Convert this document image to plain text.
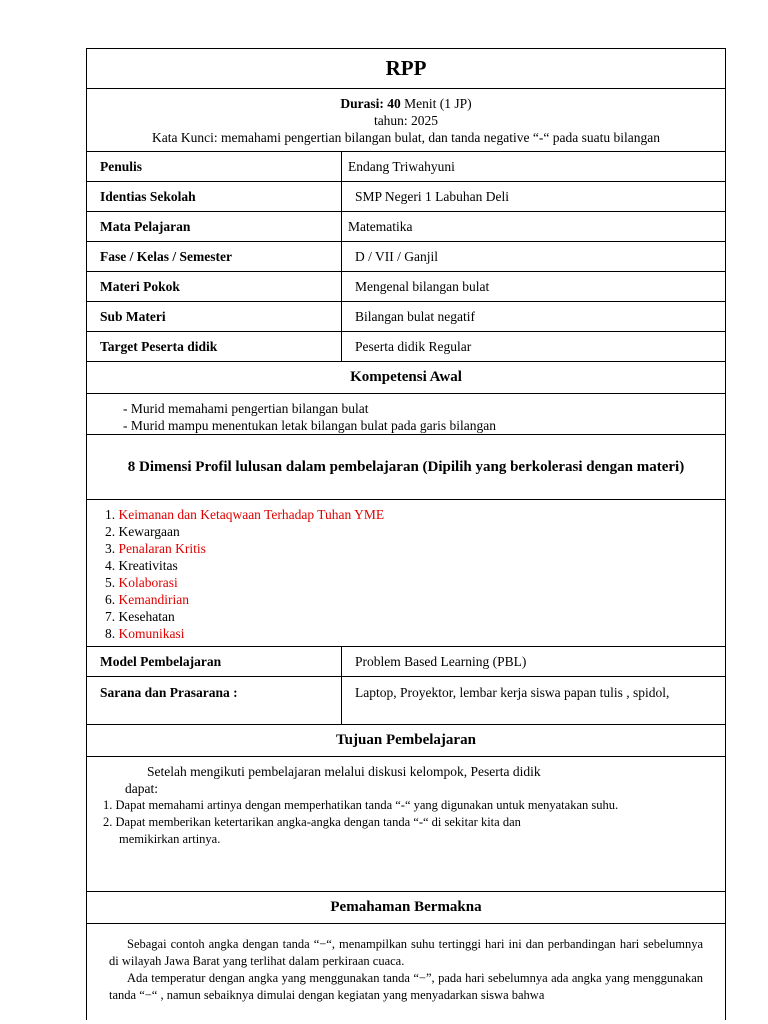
RPP
Durasi: 40 Menit (1 JP)
tahun: 2025
Kata Kunci: memahami pengertian bilangan bulat, dan tanda negative “-“ pada suatu bilangan
Penulis	Endang Triwahyuni
Identias Sekolah	SMP Negeri 1 Labuhan Deli
Mata Pelajaran	Matematika
Fase / Kelas / Semester	D / VII / Ganjil
Materi Pokok	Mengenal bilangan bulat
Sub Materi	Bilangan bulat negatif
Target Peserta didik	Peserta didik Regular
Kompetensi Awal
- Murid memahami pengertian bilangan bulat
- Murid mampu menentukan letak bilangan bulat pada garis bilangan
8 Dimensi Profil lulusan dalam pembelajaran (Dipilih yang berkolerasi dengan materi)
1. Keimanan dan Ketaqwaan Terhadap Tuhan YME
2. Kewargaan
3. Penalaran Kritis
4. Kreativitas
5. Kolaborasi
6. Kemandirian
7. Kesehatan
8. Komunikasi
Model Pembelajaran	Problem Based Learning (PBL)
Sarana dan Prasarana :	Laptop, Proyektor, lembar kerja siswa papan tulis , spidol,
Tujuan Pembelajaran
Setelah mengikuti pembelajaran melalui diskusi kelompok, Peserta didik
dapat:
1. Dapat memahami artinya dengan memperhatikan tanda “-“ yang digunakan untuk menyatakan suhu.
2. Dapat memberikan ketertarikan angka-angka dengan tanda “-“ di sekitar kita dan
memikirkan artinya.
Pemahaman Bermakna
Sebagai contoh angka dengan tanda “−“, menampilkan suhu tertinggi hari ini dan perbandingan hari sebelumnya di wilayah Jawa Barat yang terlihat dalam perkiraan cuaca.
Ada temperatur dengan angka yang menggunakan tanda “−”, pada hari sebelumnya ada angka yang menggunakan tanda “−“ , namun sebaiknya dimulai dengan kegiatan yang menyadarkan siswa bahwa
